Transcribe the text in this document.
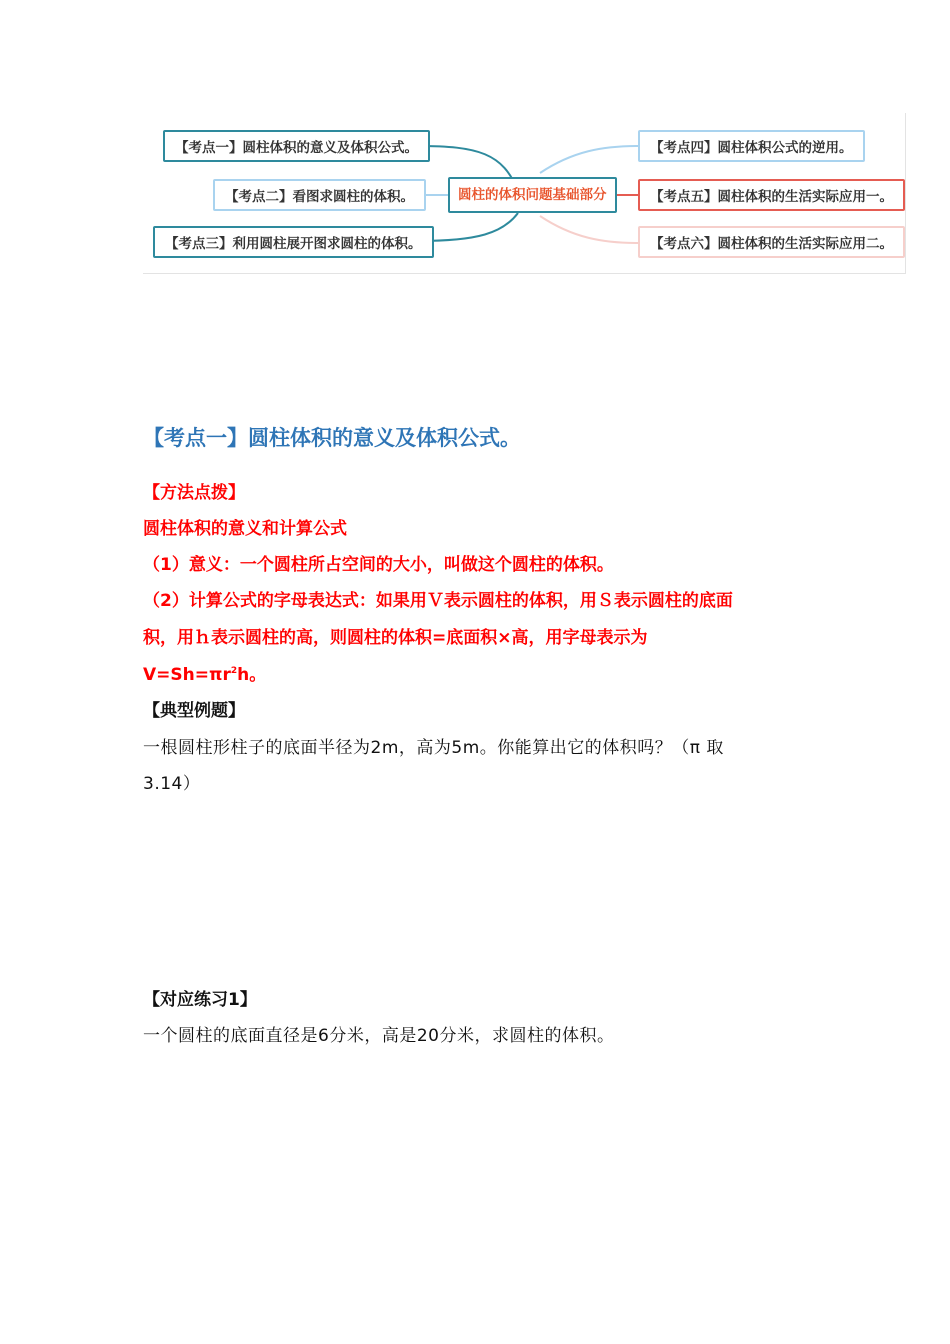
【考点一】圆柱体积的意义及体积公式。
【考点二】看图求圆柱的体积。
【考点三】利用圆柱展开图求圆柱的体积。
圆柱的体积问题基础部分
【考点四】圆柱体积公式的逆用。
【考点五】圆柱体积的生活实际应用一。
【考点六】圆柱体积的生活实际应用二。
【考点一】圆柱体积的意义及体积公式。
【方法点拨】
圆柱体积的意义和计算公式
（1）意义：一个圆柱所占空间的大小，叫做这个圆柱的体积。
（2）计算公式的字母表达式：如果用Ｖ表示圆柱的体积，用Ｓ表示圆柱的底面
积，用ｈ表示圆柱的高，则圆柱的体积=底面积×高，用字母表示为
$V=Sh=\pi r^2h$。
【典型例题】
一根圆柱形柱子的底面半径为2m，高为5m。你能算出它的体积吗？（π 取
3.14）
【对应练习1】
一个圆柱的底面直径是6分米，高是20分米，求圆柱的体积。
